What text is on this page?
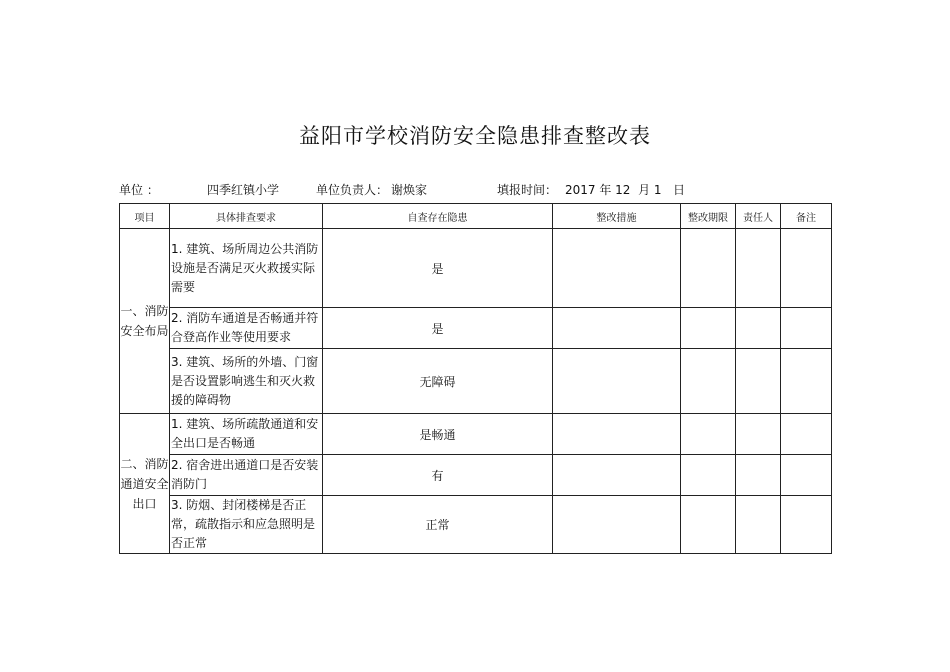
益阳市学校消防安全隐患排查整改表
单位 ：	四季红镇小学	单位负责人： 谢焕家	填报时间： 2017 年 12  月 1   日
项目	具体排查要求	自查存在隐患	整改措施	整改期限	责任人	备注
一、消防安全布局	1. 建筑、场所周边公共消防设施是否满足灭火救援实际需要	是				
	2. 消防车通道是否畅通并符合登高作业等使用要求	是				
	3. 建筑、场所的外墙、门窗是否设置影响逃生和灭火救援的障碍物	无障碍				
二、消防通道安全出口	1. 建筑、场所疏散通道和安全出口是否畅通	是畅通				
	2. 宿舍进出通道口是否安装消防门	有				
	3. 防烟、封闭楼梯是否正常，疏散指示和应急照明是否正常	正常				
